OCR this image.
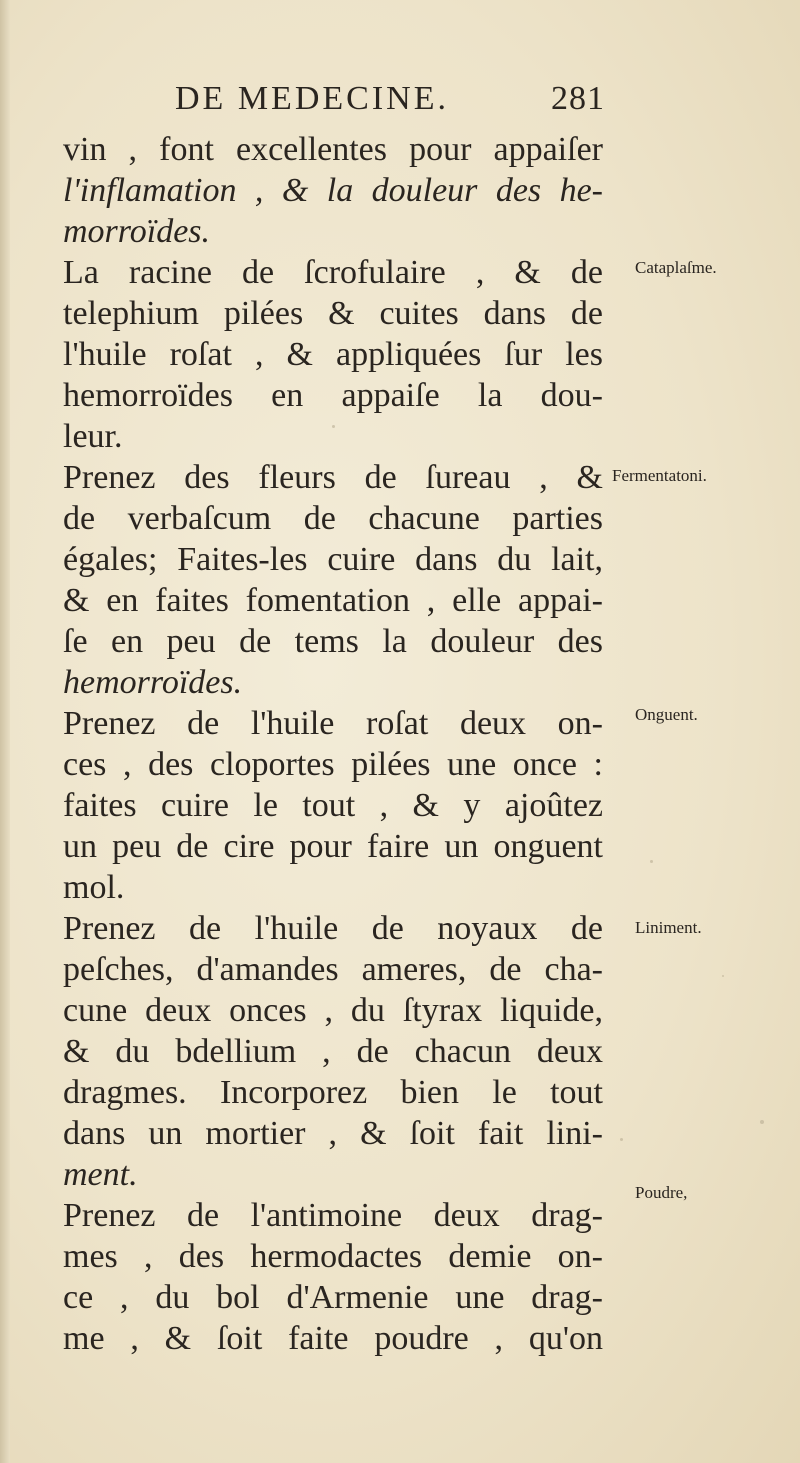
DE MEDECINE.	281
vin , font excellentes pour appaiſer
l'inflamation , & la douleur des he-
morroïdes.
La racine de ſcrofulaire , & de
telephium pilées & cuites dans de
l'huile roſat , & appliquées ſur les
hemorroïdes en appaiſe la dou-
leur.
Prenez des fleurs de ſureau , &
de verbaſcum de chacune parties
égales; Faites-les cuire dans du lait,
& en faites fomentation , elle appai-
ſe en peu de tems la douleur des
hemorroïdes.
Prenez de l'huile roſat deux on-
ces , des cloportes pilées une once :
faites cuire le tout , & y ajoûtez
un peu de cire pour faire un onguent
mol.
Prenez de l'huile de noyaux de
peſches, d'amandes ameres, de cha-
cune deux onces , du ſtyrax liquide,
& du bdellium , de chacun deux
dragmes. Incorporez bien le tout
dans un mortier , & ſoit fait lini-
ment.
Prenez de l'antimoine deux drag-
mes , des hermodactes demie on-
ce , du bol d'Armenie une drag-
me , & ſoit faite poudre , qu'on
Cataplaſme.
Fermentatoni.
Onguent.
Liniment.
Poudre,
